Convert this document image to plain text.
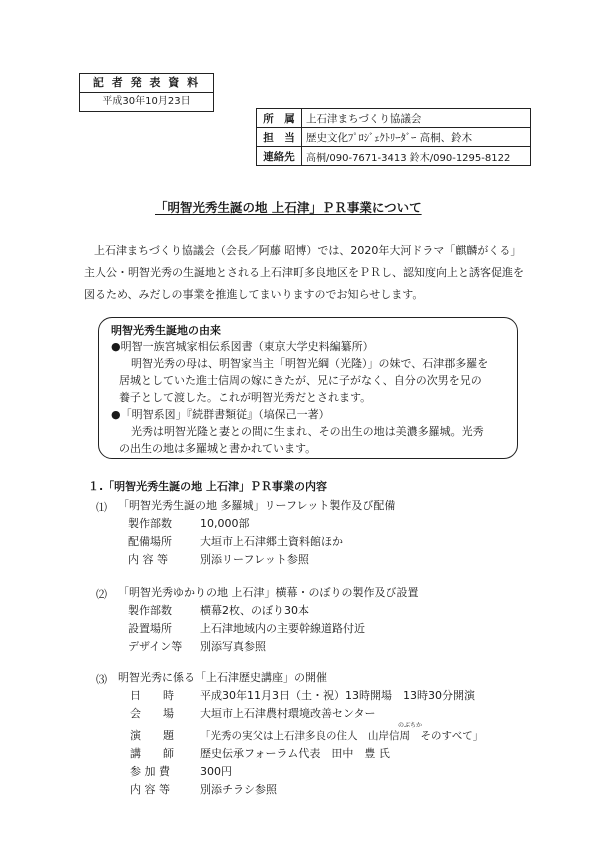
記 者 発 表 資 料
平成30年10月23日
所　属	上石津まちづくり協議会
担　当	歴史文化ﾌﾟﾛｼﾞｪｸﾄﾘｰﾀﾞｰ 高桐、鈴木
連絡先	高桐/090-7671-3413 鈴木/090-1295-8122
「明智光秀生誕の地 上石津」ＰＲ事業について
上石津まちづくり協議会（会長／阿藤 昭博）では、2020年大河ドラマ「麒麟がくる」
主人公・明智光秀の生誕地とされる上石津町多良地区をＰＲし、認知度向上と誘客促進を
図るため、みだしの事業を推進してまいりますのでお知らせします。
明智光秀生誕地の由来
●明智一族宮城家相伝系図書（東京大学史料編纂所）
明智光秀の母は、明智家当主「明智光綱（光隆）」の妹で、石津郡多羅を
居城としていた進士信周の嫁にきたが、兄に子がなく、自分の次男を兄の
養子として渡した。これが明智光秀だとされます。
●「明智系図」『続群書類従』（塙保己一著）
光秀は明智光隆と妻との間に生まれ、その出生の地は美濃多羅城。光秀
の出生の地は多羅城と書かれています。
１.「明智光秀生誕の地 上石津」ＰＲ事業の内容
⑴ 「明智光秀生誕の地 多羅城」リーフレット製作及び配備
製作部数	10,000部
配備場所	大垣市上石津郷土資料館ほか
内 容 等	別添リーフレット参照
⑵ 「明智光秀ゆかりの地 上石津」横幕・のぼりの製作及び設置
製作部数	横幕2枚、のぼり30本
設置場所	上石津地域内の主要幹線道路付近
デザイン等 別添写真参照
⑶ 明智光秀に係る「上石津歴史講座」の開催
日　　時 平成30年11月3日（土・祝）13時開場　13時30分開演
会　　場 大垣市上石津農村環境改善センター
のぶちか
演　　題 「光秀の実父は上石津多良の住人　山岸信周　そのすべて」
講　　師 歴史伝承フォーラム代表　田中　豊 氏
参 加 費	300円
内 容 等	別添チラシ参照
